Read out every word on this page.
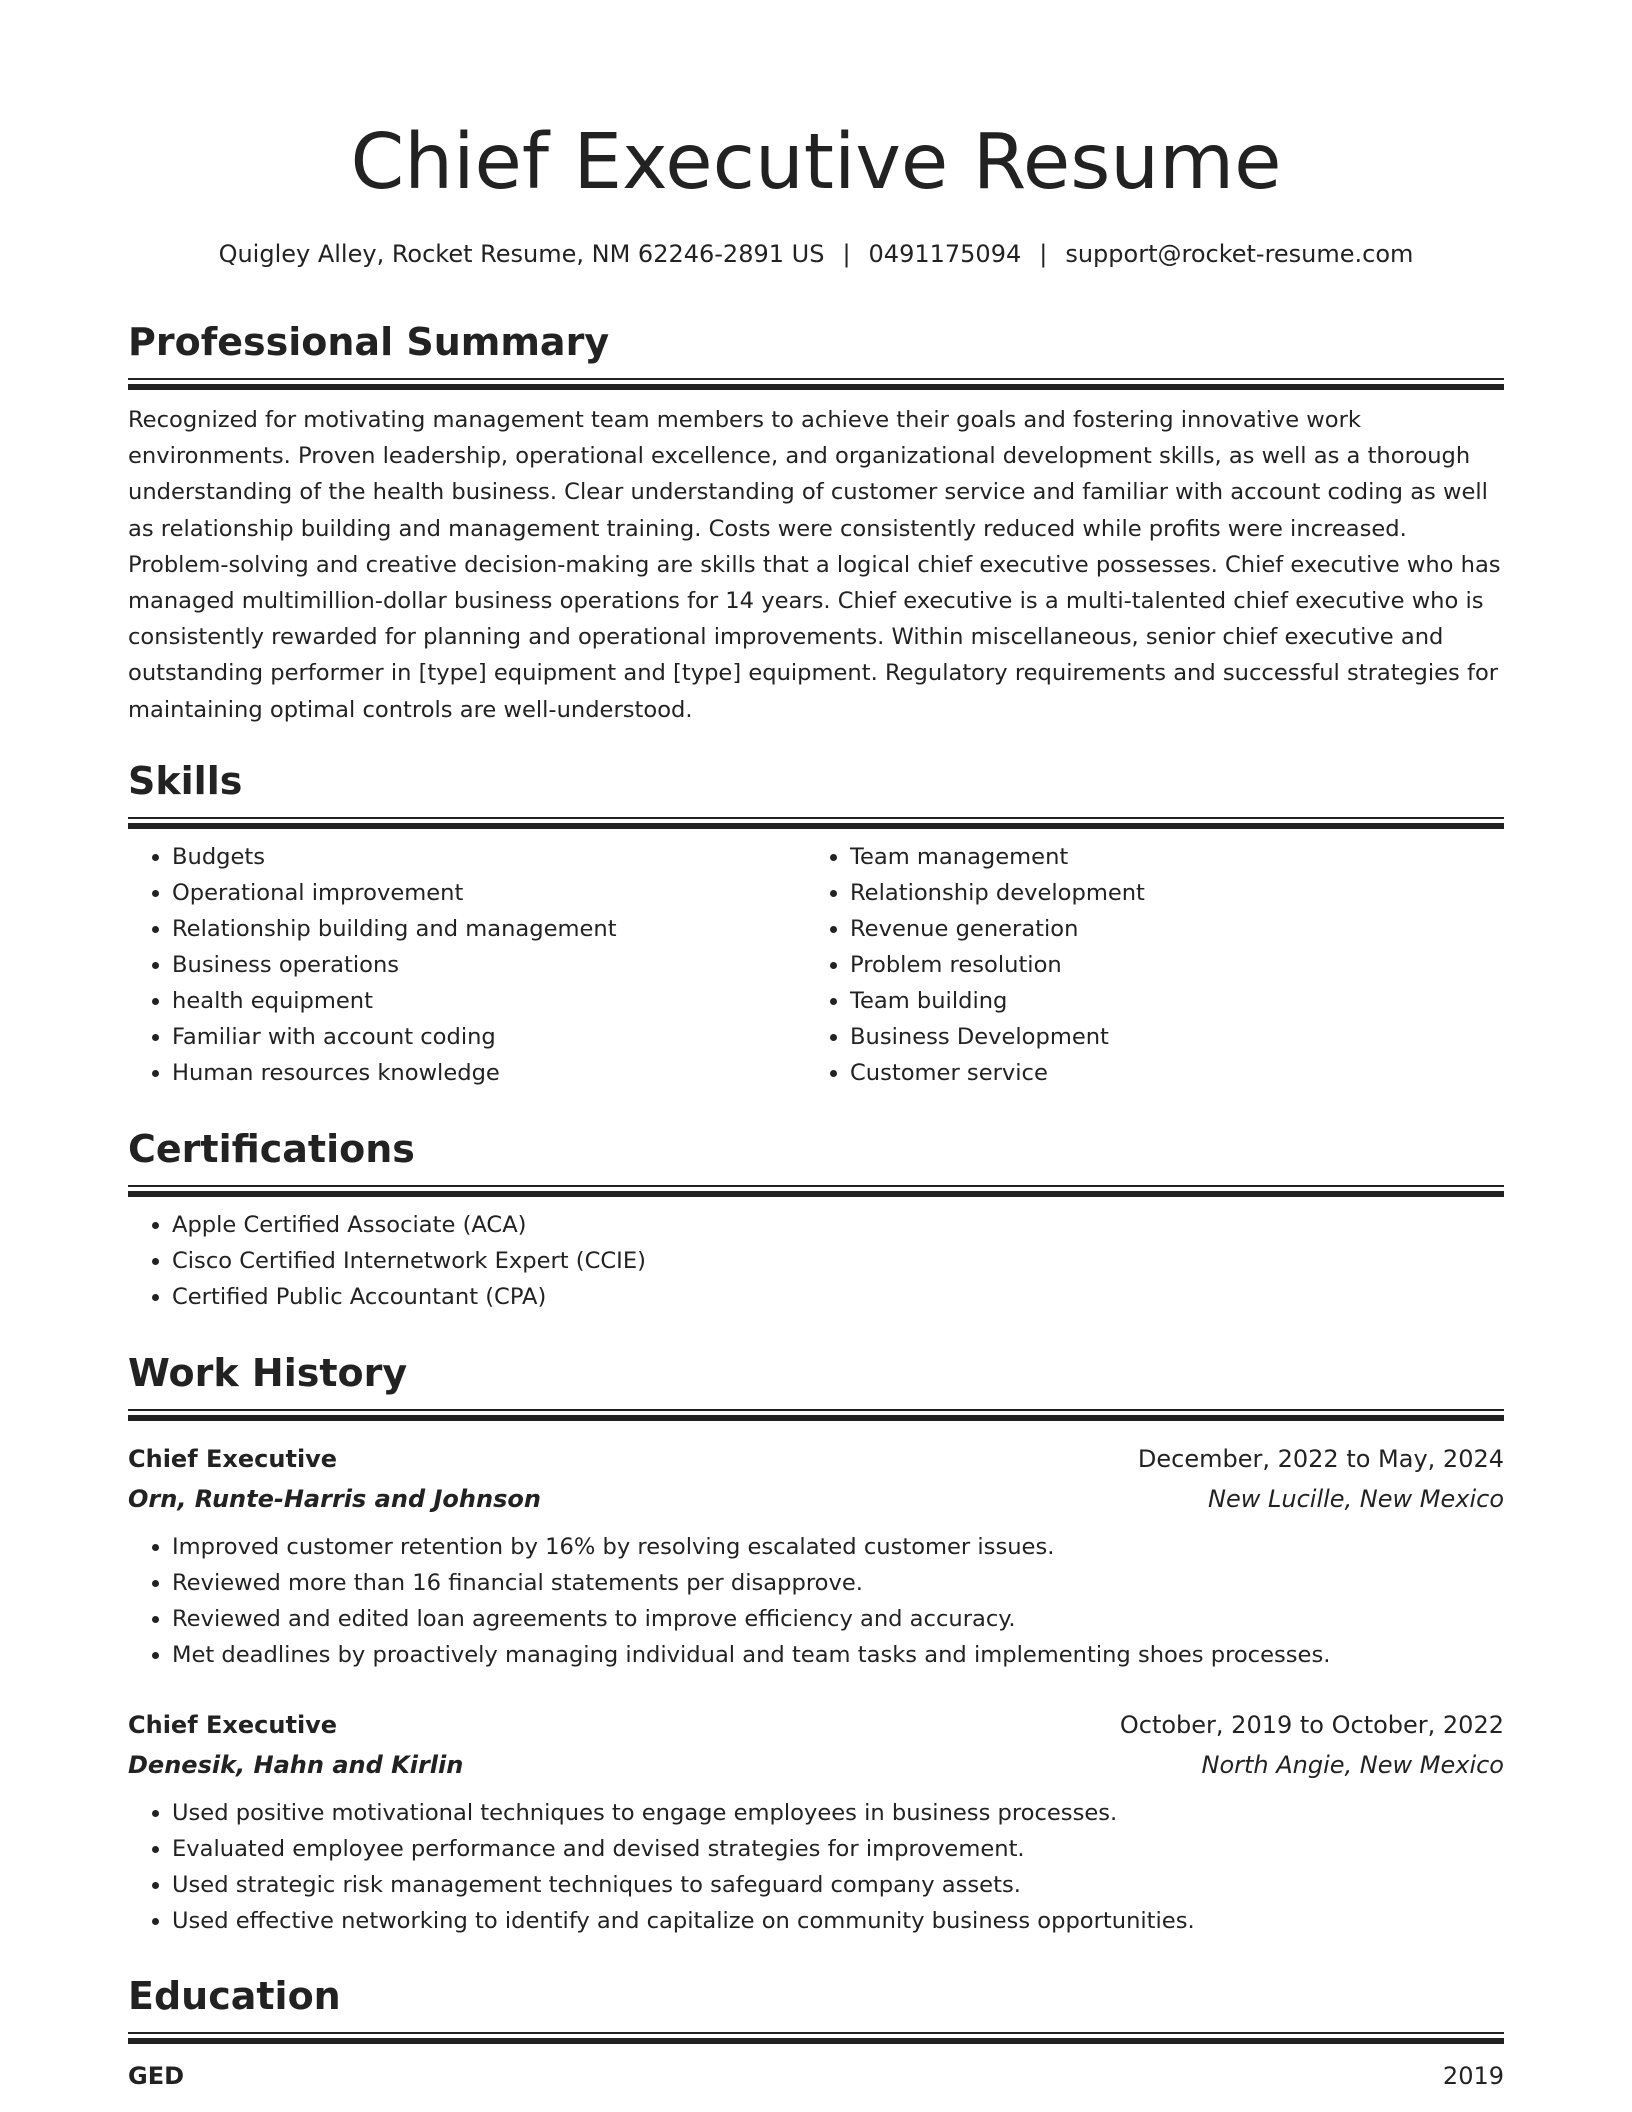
Chief Executive Resume
Quigley Alley, Rocket Resume, NM 62246-2891 US | 0491175094 | support@rocket-resume.com
Professional Summary
Recognized for motivating management team members to achieve their goals and fostering innovative work environments. Proven leadership, operational excellence, and organizational development skills, as well as a thorough understanding of the health business. Clear understanding of customer service and familiar with account coding as well as relationship building and management training. Costs were consistently reduced while profits were increased. Problem-solving and creative decision-making are skills that a logical chief executive possesses. Chief executive who has managed multimillion-dollar business operations for 14 years. Chief executive is a multi-talented chief executive who is consistently rewarded for planning and operational improvements. Within miscellaneous, senior chief executive and outstanding performer in [type] equipment and [type] equipment. Regulatory requirements and successful strategies for maintaining optimal controls are well-understood.
Skills
• Budgets
• Operational improvement
• Relationship building and management
• Business operations
• health equipment
• Familiar with account coding
• Human resources knowledge
• Team management
• Relationship development
• Revenue generation
• Problem resolution
• Team building
• Business Development
• Customer service
Certifications
• Apple Certified Associate (ACA)
• Cisco Certified Internetwork Expert (CCIE)
• Certified Public Accountant (CPA)
Work History
Chief Executive	December, 2022 to May, 2024
Orn, Runte-Harris and Johnson	New Lucille, New Mexico
• Improved customer retention by 16% by resolving escalated customer issues.
• Reviewed more than 16 financial statements per disapprove.
• Reviewed and edited loan agreements to improve efficiency and accuracy.
• Met deadlines by proactively managing individual and team tasks and implementing shoes processes.
Chief Executive	October, 2019 to October, 2022
Denesik, Hahn and Kirlin	North Angie, New Mexico
• Used positive motivational techniques to engage employees in business processes.
• Evaluated employee performance and devised strategies for improvement.
• Used strategic risk management techniques to safeguard company assets.
• Used effective networking to identify and capitalize on community business opportunities.
Education
GED	2019
